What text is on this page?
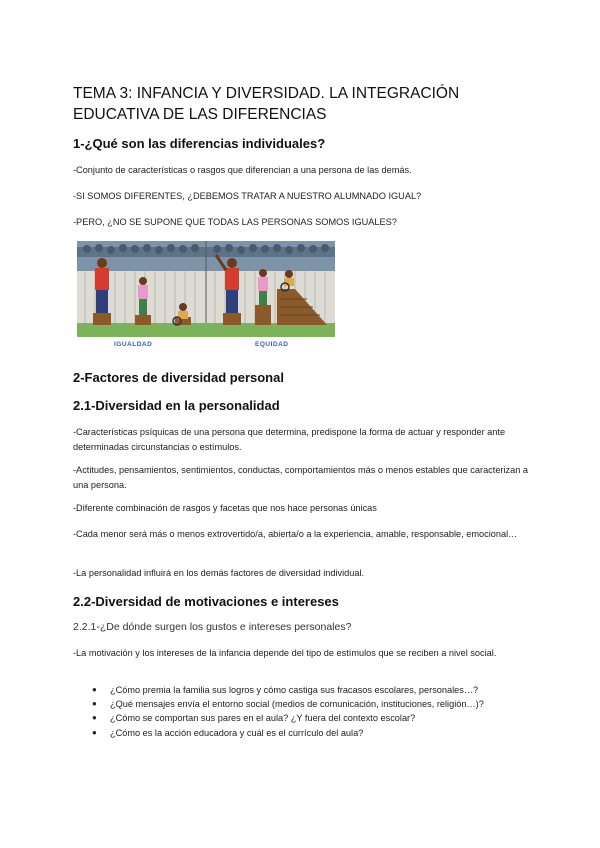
TEMA 3: INFANCIA Y DIVERSIDAD. LA INTEGRACIÓN EDUCATIVA DE LAS DIFERENCIAS
1-¿Qué son las diferencias individuales?

-Conjunto de características o rasgos que diferencian a una persona de las demás.

-SI SOMOS DIFERENTES, ¿DEBEMOS TRATAR A NUESTRO ALUMNADO IGUAL?

-PERO, ¿NO SE SUPONE QUE TODAS LAS PERSONAS SOMOS IGUALES?

IGUALDAD	EQUIDAD
2-Factores de diversidad personal
2.1-Diversidad en la personalidad

-Características psíquicas de una persona que determina, predispone la forma de actuar y responder ante determinadas circunstancias o estímulos.

-Actitudes, pensamientos, sentimientos, conductas, comportamientos más o menos estables que caracterizan a una persona.

-Diferente combinación de rasgos y facetas que nos hace personas únicas

-Cada menor será más o menos extrovertido/a, abierta/o a la experiencia, amable, responsable, emocional…

-La personalidad influirá en los demás factores de diversidad individual.

2.2-Diversidad de motivaciones e intereses
2.2.1-¿De dónde surgen los gustos e intereses personales?

-La motivación y los intereses de la infancia depende del tipo de estímulos que se reciben a nivel social.

● ¿Cómo premia la familia sus logros y cómo castiga sus fracasos escolares, personales…?
● ¿Qué mensajes envía el entorno social (medios de comunicación, instituciones, religión…)?
● ¿Cómo se comportan sus pares en el aula? ¿Y fuera del contexto escolar?
● ¿Cómo es la acción educadora y cuál es el currículo del aula?
